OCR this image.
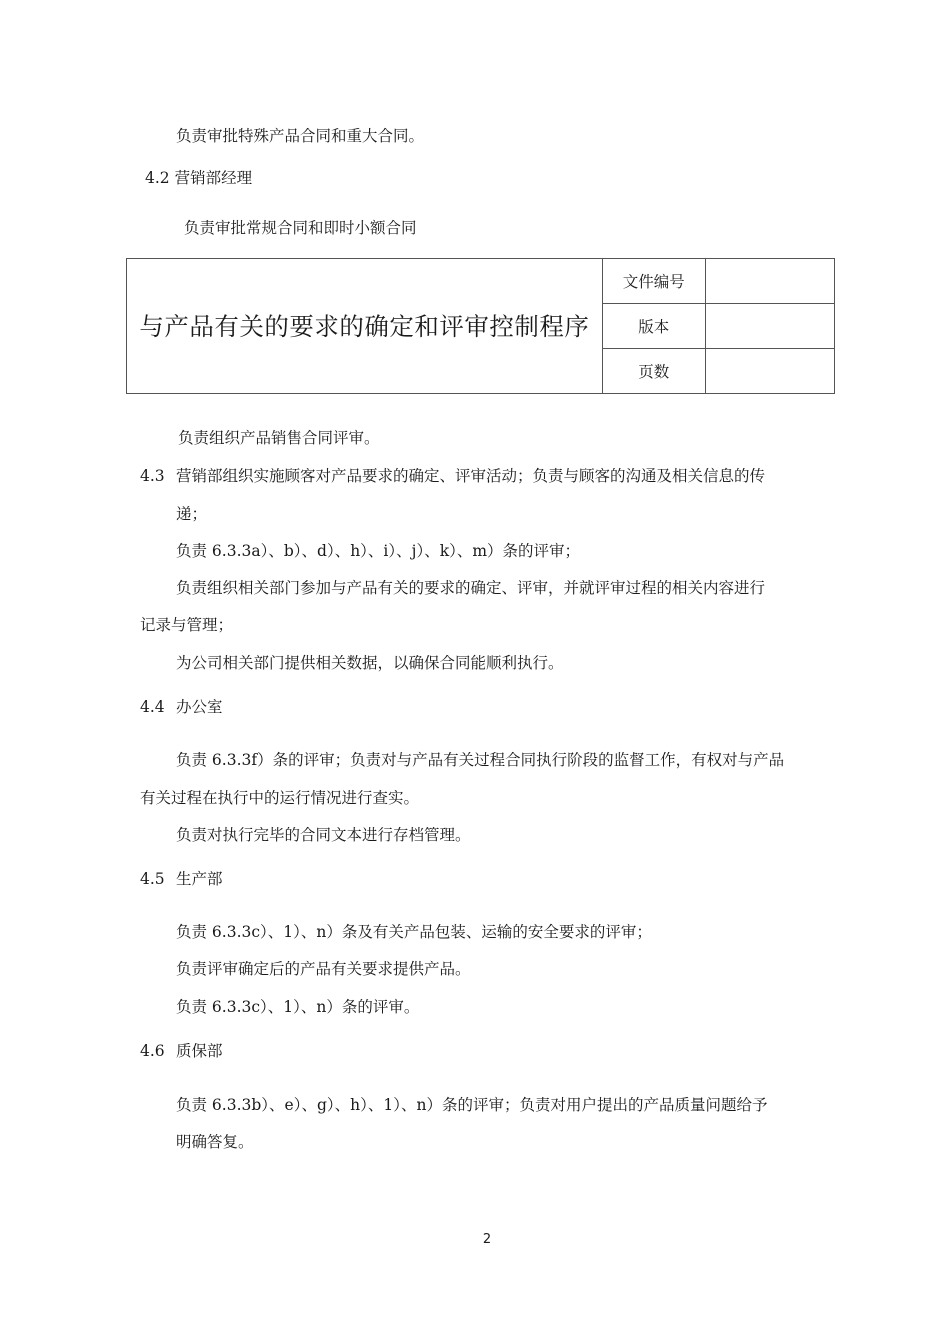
负责审批特殊产品合同和重大合同。
4.2 营销部经理
负责审批常规合同和即时小额合同
与产品有关的要求的确定和评审控制程序	文件编号	
	版本	
	页数	
负责组织产品销售合同评审。
4.3 营销部组织实施顾客对产品要求的确定、评审活动；负责与顾客的沟通及相关信息的传
递；
负责 6.3.3a）、b）、d）、h）、i）、j）、k）、m）条的评审；
负责组织相关部门参加与产品有关的要求的确定、评审，并就评审过程的相关内容进行
记录与管理；
为公司相关部门提供相关数据，以确保合同能顺利执行。
4.4 办公室
负责 6.3.3f）条的评审；负责对与产品有关过程合同执行阶段的监督工作，有权对与产品
有关过程在执行中的运行情况进行查实。
负责对执行完毕的合同文本进行存档管理。
4.5 生产部
负责 6.3.3c）、1）、n）条及有关产品包装、运输的安全要求的评审；
负责评审确定后的产品有关要求提供产品。
负责 6.3.3c）、1）、n）条的评审。
4.6 质保部
负责 6.3.3b）、e）、g）、h）、1）、n）条的评审；负责对用户提出的产品质量问题给予
明确答复。
2
